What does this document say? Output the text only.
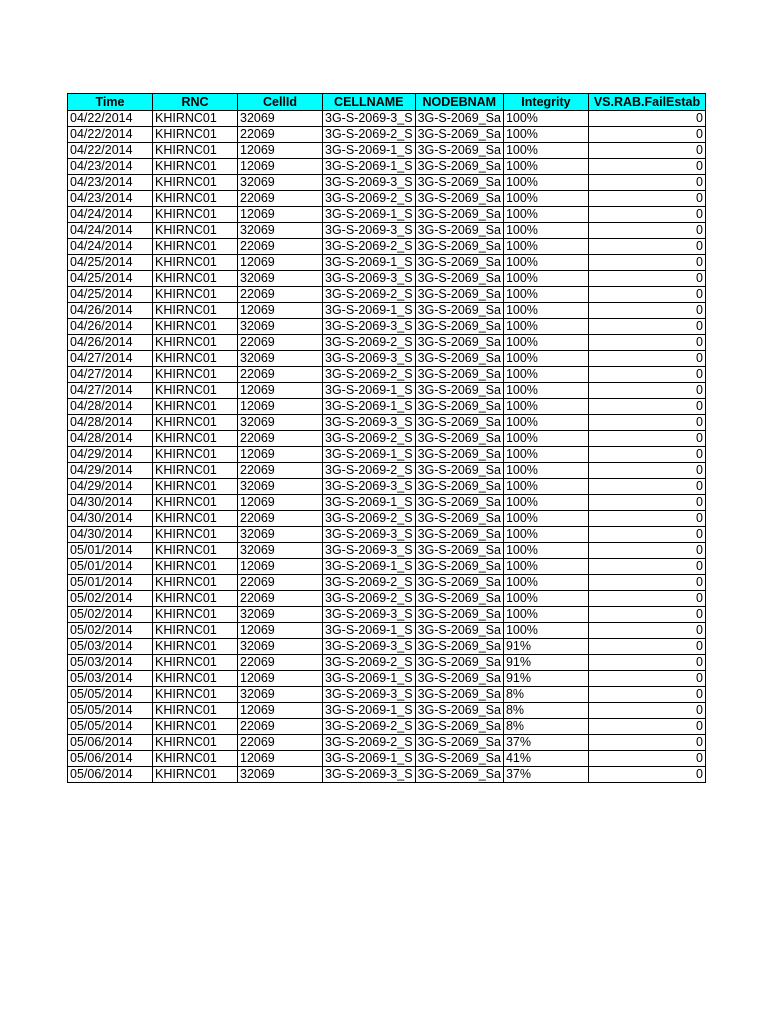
Time	RNC	CellId	CELLNAME	NODEBNAM	Integrity	VS.RAB.FailEstab
04/22/2014	KHIRNC01	32069	3G-S-2069-3_S	3G-S-2069_Sa	100%	0
04/22/2014	KHIRNC01	22069	3G-S-2069-2_S	3G-S-2069_Sa	100%	0
04/22/2014	KHIRNC01	12069	3G-S-2069-1_S	3G-S-2069_Sa	100%	0
04/23/2014	KHIRNC01	12069	3G-S-2069-1_S	3G-S-2069_Sa	100%	0
04/23/2014	KHIRNC01	32069	3G-S-2069-3_S	3G-S-2069_Sa	100%	0
04/23/2014	KHIRNC01	22069	3G-S-2069-2_S	3G-S-2069_Sa	100%	0
04/24/2014	KHIRNC01	12069	3G-S-2069-1_S	3G-S-2069_Sa	100%	0
04/24/2014	KHIRNC01	32069	3G-S-2069-3_S	3G-S-2069_Sa	100%	0
04/24/2014	KHIRNC01	22069	3G-S-2069-2_S	3G-S-2069_Sa	100%	0
04/25/2014	KHIRNC01	12069	3G-S-2069-1_S	3G-S-2069_Sa	100%	0
04/25/2014	KHIRNC01	32069	3G-S-2069-3_S	3G-S-2069_Sa	100%	0
04/25/2014	KHIRNC01	22069	3G-S-2069-2_S	3G-S-2069_Sa	100%	0
04/26/2014	KHIRNC01	12069	3G-S-2069-1_S	3G-S-2069_Sa	100%	0
04/26/2014	KHIRNC01	32069	3G-S-2069-3_S	3G-S-2069_Sa	100%	0
04/26/2014	KHIRNC01	22069	3G-S-2069-2_S	3G-S-2069_Sa	100%	0
04/27/2014	KHIRNC01	32069	3G-S-2069-3_S	3G-S-2069_Sa	100%	0
04/27/2014	KHIRNC01	22069	3G-S-2069-2_S	3G-S-2069_Sa	100%	0
04/27/2014	KHIRNC01	12069	3G-S-2069-1_S	3G-S-2069_Sa	100%	0
04/28/2014	KHIRNC01	12069	3G-S-2069-1_S	3G-S-2069_Sa	100%	0
04/28/2014	KHIRNC01	32069	3G-S-2069-3_S	3G-S-2069_Sa	100%	0
04/28/2014	KHIRNC01	22069	3G-S-2069-2_S	3G-S-2069_Sa	100%	0
04/29/2014	KHIRNC01	12069	3G-S-2069-1_S	3G-S-2069_Sa	100%	0
04/29/2014	KHIRNC01	22069	3G-S-2069-2_S	3G-S-2069_Sa	100%	0
04/29/2014	KHIRNC01	32069	3G-S-2069-3_S	3G-S-2069_Sa	100%	0
04/30/2014	KHIRNC01	12069	3G-S-2069-1_S	3G-S-2069_Sa	100%	0
04/30/2014	KHIRNC01	22069	3G-S-2069-2_S	3G-S-2069_Sa	100%	0
04/30/2014	KHIRNC01	32069	3G-S-2069-3_S	3G-S-2069_Sa	100%	0
05/01/2014	KHIRNC01	32069	3G-S-2069-3_S	3G-S-2069_Sa	100%	0
05/01/2014	KHIRNC01	12069	3G-S-2069-1_S	3G-S-2069_Sa	100%	0
05/01/2014	KHIRNC01	22069	3G-S-2069-2_S	3G-S-2069_Sa	100%	0
05/02/2014	KHIRNC01	22069	3G-S-2069-2_S	3G-S-2069_Sa	100%	0
05/02/2014	KHIRNC01	32069	3G-S-2069-3_S	3G-S-2069_Sa	100%	0
05/02/2014	KHIRNC01	12069	3G-S-2069-1_S	3G-S-2069_Sa	100%	0
05/03/2014	KHIRNC01	32069	3G-S-2069-3_S	3G-S-2069_Sa	91%	0
05/03/2014	KHIRNC01	22069	3G-S-2069-2_S	3G-S-2069_Sa	91%	0
05/03/2014	KHIRNC01	12069	3G-S-2069-1_S	3G-S-2069_Sa	91%	0
05/05/2014	KHIRNC01	32069	3G-S-2069-3_S	3G-S-2069_Sa	8%	0
05/05/2014	KHIRNC01	12069	3G-S-2069-1_S	3G-S-2069_Sa	8%	0
05/05/2014	KHIRNC01	22069	3G-S-2069-2_S	3G-S-2069_Sa	8%	0
05/06/2014	KHIRNC01	22069	3G-S-2069-2_S	3G-S-2069_Sa	37%	0
05/06/2014	KHIRNC01	12069	3G-S-2069-1_S	3G-S-2069_Sa	41%	0
05/06/2014	KHIRNC01	32069	3G-S-2069-3_S	3G-S-2069_Sa	37%	0
